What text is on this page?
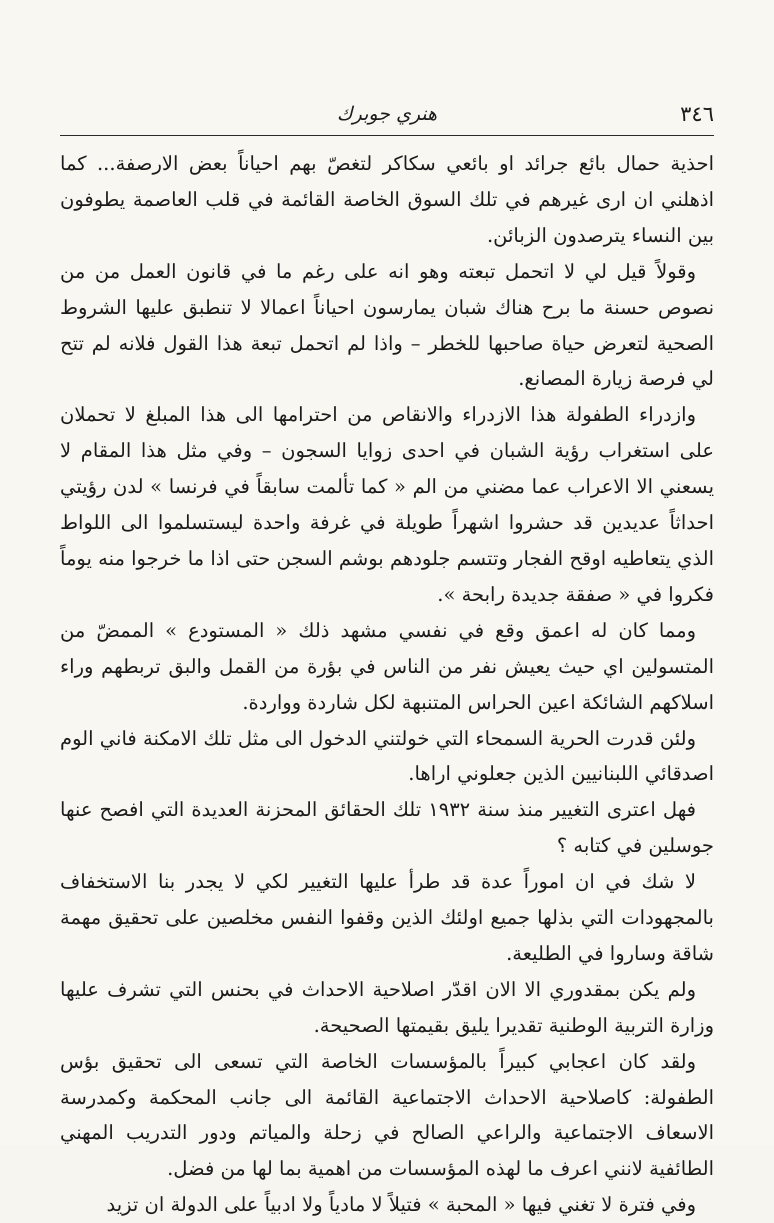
٣٤٦
هنري جوبرك

احذية حمال بائع جرائد او بائعي سكاكر لتغصّ بهم احياناً بعض الارصفة... كما اذهلني ان ارى غيرهم في تلك السوق الخاصة القائمة في قلب العاصمة يطوفون بين النساء يترصدون الزبائن.

وقولاً قيل لي لا اتحمل تبعته وهو انه على رغم ما في قانون العمل من من نصوص حسنة ما برح هناك شبان يمارسون احياناً اعمالا لا تنطبق عليها الشروط الصحية لتعرض حياة صاحبها للخطر – واذا لم اتحمل تبعة هذا القول فلانه لم تتح لي فرصة زيارة المصانع.

وازدراء الطفولة هذا الازدراء والانقاص من احترامها الى هذا المبلغ لا تحملان على استغراب رؤية الشبان في احدى زوايا السجون – وفي مثل هذا المقام لا يسعني الا الاعراب عما مضني من الم « كما تألمت سابقاً في فرنسا » لدن رؤيتي احداثاً عديدين قد حشروا اشهراً طويلة في غرفة واحدة ليستسلموا الى اللواط الذي يتعاطيه اوقح الفجار وتتسم جلودهم بوشم السجن حتى اذا ما خرجوا منه يوماً فكروا في « صفقة جديدة رابحة ».

ومما كان له اعمق وقع في نفسي مشهد ذلك « المستودع » الممضّ من المتسولين اي حيث يعيش نفر من الناس في بؤرة من القمل والبق تربطهم وراء اسلاكهم الشائكة اعين الحراس المتنبهة لكل شاردة وواردة.

ولئن قدرت الحرية السمحاء التي خولتني الدخول الى مثل تلك الامكنة فاني الوم اصدقائي اللبنانيين الذين جعلوني اراها.

فهل اعترى التغيير منذ سنة ١٩٣٢ تلك الحقائق المحزنة العديدة التي افصح عنها جوسلين في كتابه ؟

لا شك في ان اموراً عدة قد طرأ عليها التغيير لكي لا يجدر بنا الاستخفاف بالمجهودات التي بذلها جميع اولئك الذين وقفوا النفس مخلصين على تحقيق مهمة شاقة وساروا في الطليعة.

ولم يكن بمقدوري الا الان اقدّر اصلاحية الاحداث في بحنس التي تشرف عليها وزارة التربية الوطنية تقديرا يليق بقيمتها الصحيحة.

ولقد كان اعجابي كبيراً بالمؤسسات الخاصة التي تسعى الى تحقيق بؤس الطفولة: كاصلاحية الاحداث الاجتماعية القائمة الى جانب المحكمة وكمدرسة الاسعاف الاجتماعية والراعي الصالح في زحلة والمياتم ودور التدريب المهني الطائفية لانني اعرف ما لهذه المؤسسات من اهمية بما لها من فضل.

وفي فترة لا تغني فيها « المحبة » فتيلاً لا مادياً ولا ادبياً على الدولة ان تزيد
